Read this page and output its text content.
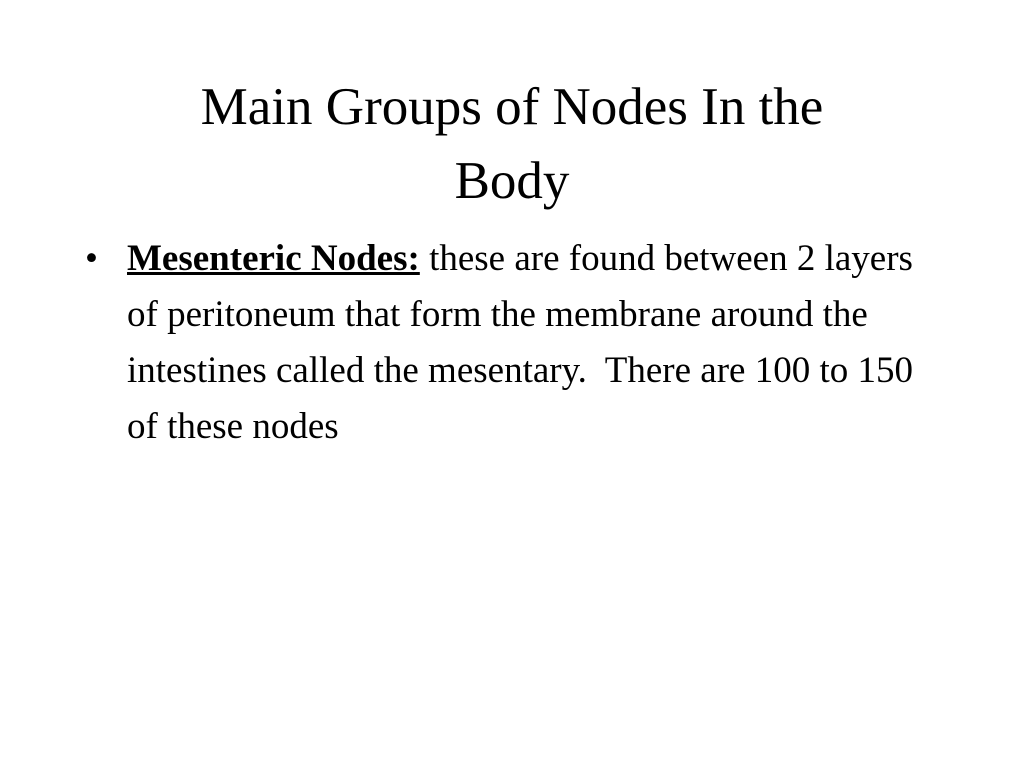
Main Groups of Nodes In the
Body
• Mesenteric Nodes: these are found between 2 layers of peritoneum that form the membrane around the intestines called the mesentary.  There are 100 to 150 of these nodes
